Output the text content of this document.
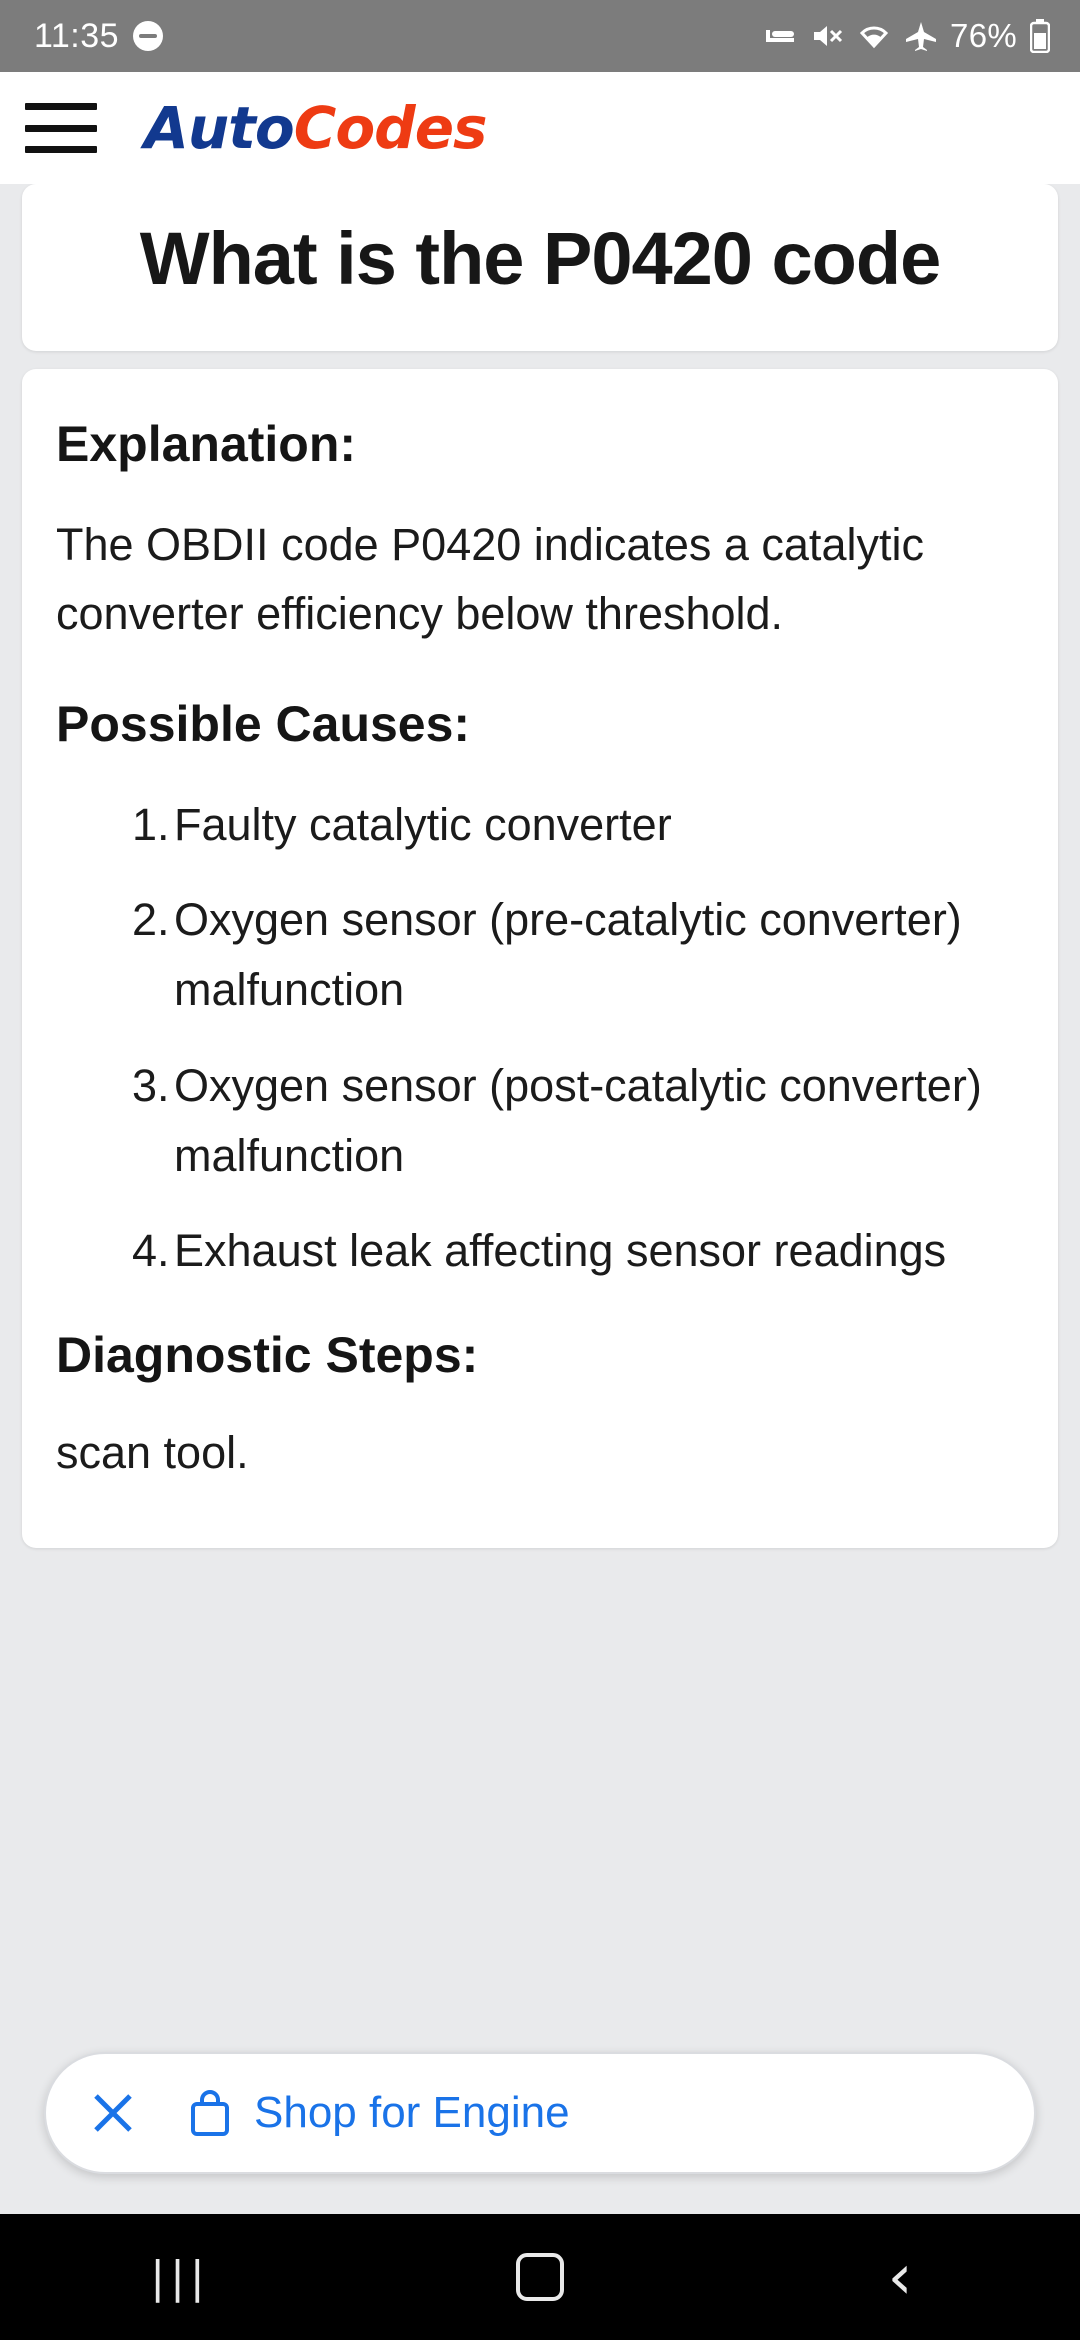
11:35	76%
AutoCodes
What is the P0420 code
Explanation:

The OBDII code P0420 indicates a catalytic converter efficiency below threshold.

Possible Causes:
Faulty catalytic converter
Oxygen sensor (pre-catalytic converter) malfunction
Oxygen sensor (post-catalytic converter) malfunction
Exhaust leak affecting sensor readings
Diagnostic Steps:

scan tool.

Shop for Engine
|||	‹
